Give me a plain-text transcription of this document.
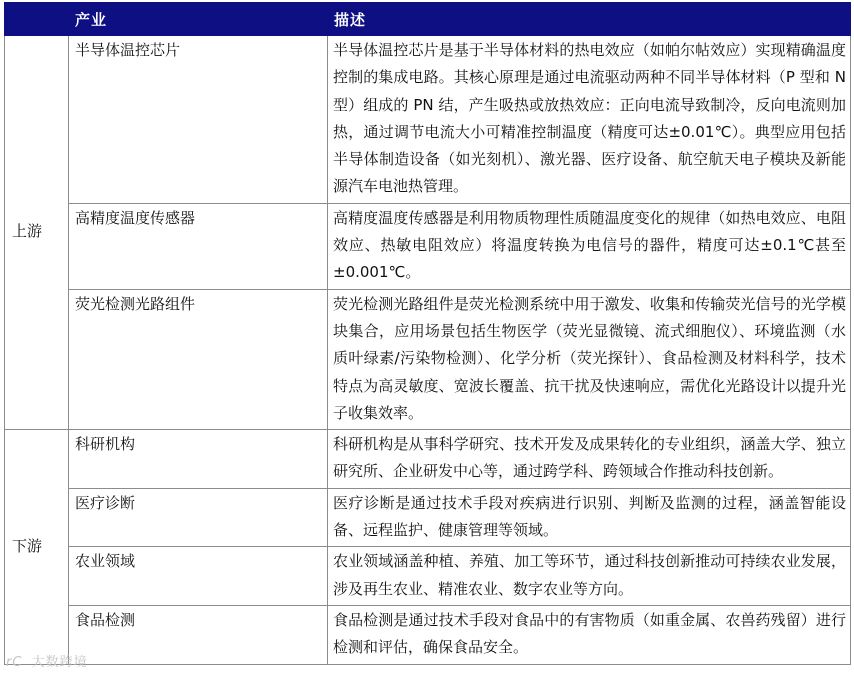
	产业	描述
上游	半导体温控芯片	半导体温控芯片是基于半导体材料的热电效应（如帕尔帖效应）实现精确温度控制的集成电路。其核心原理是通过电流驱动两种不同半导体材料（P 型和 N 型）组成的 PN 结，产生吸热或放热效应：正向电流导致制冷，反向电流则加热，通过调节电流大小可精准控制温度（精度可达±0.01℃）。典型应用包括半导体制造设备（如光刻机）、激光器、医疗设备、航空航天电子模块及新能源汽车电池热管理。
	高精度温度传感器	高精度温度传感器是利用物质物理性质随温度变化的规律（如热电效应、电阻效应、热敏电阻效应）将温度转换为电信号的器件，精度可达±0.1℃甚至±0.001℃。
	荧光检测光路组件	荧光检测光路组件是荧光检测系统中用于激发、收集和传输荧光信号的光学模块集合，应用场景包括生物医学（荧光显微镜、流式细胞仪）、环境监测（水质叶绿素/污染物检测）、化学分析（荧光探针）、食品检测及材料科学，技术特点为高灵敏度、宽波长覆盖、抗干扰及快速响应，需优化光路设计以提升光子收集效率。
下游	科研机构	科研机构是从事科学研究、技术开发及成果转化的专业组织，涵盖大学、独立研究所、企业研发中心等，通过跨学科、跨领域合作推动科技创新。
	医疗诊断	医疗诊断是通过技术手段对疾病进行识别、判断及监测的过程，涵盖智能设备、远程监护、健康管理等领域。
	农业领域	农业领域涵盖种植、养殖、加工等环节，通过科技创新推动可持续农业发展，涉及再生农业、精准农业、数字农业等方向。
	食品检测	食品检测是通过技术手段对食品中的有害物质（如重金属、农兽药残留）进行检测和评估，确保食品安全。
rC 大数跨境
